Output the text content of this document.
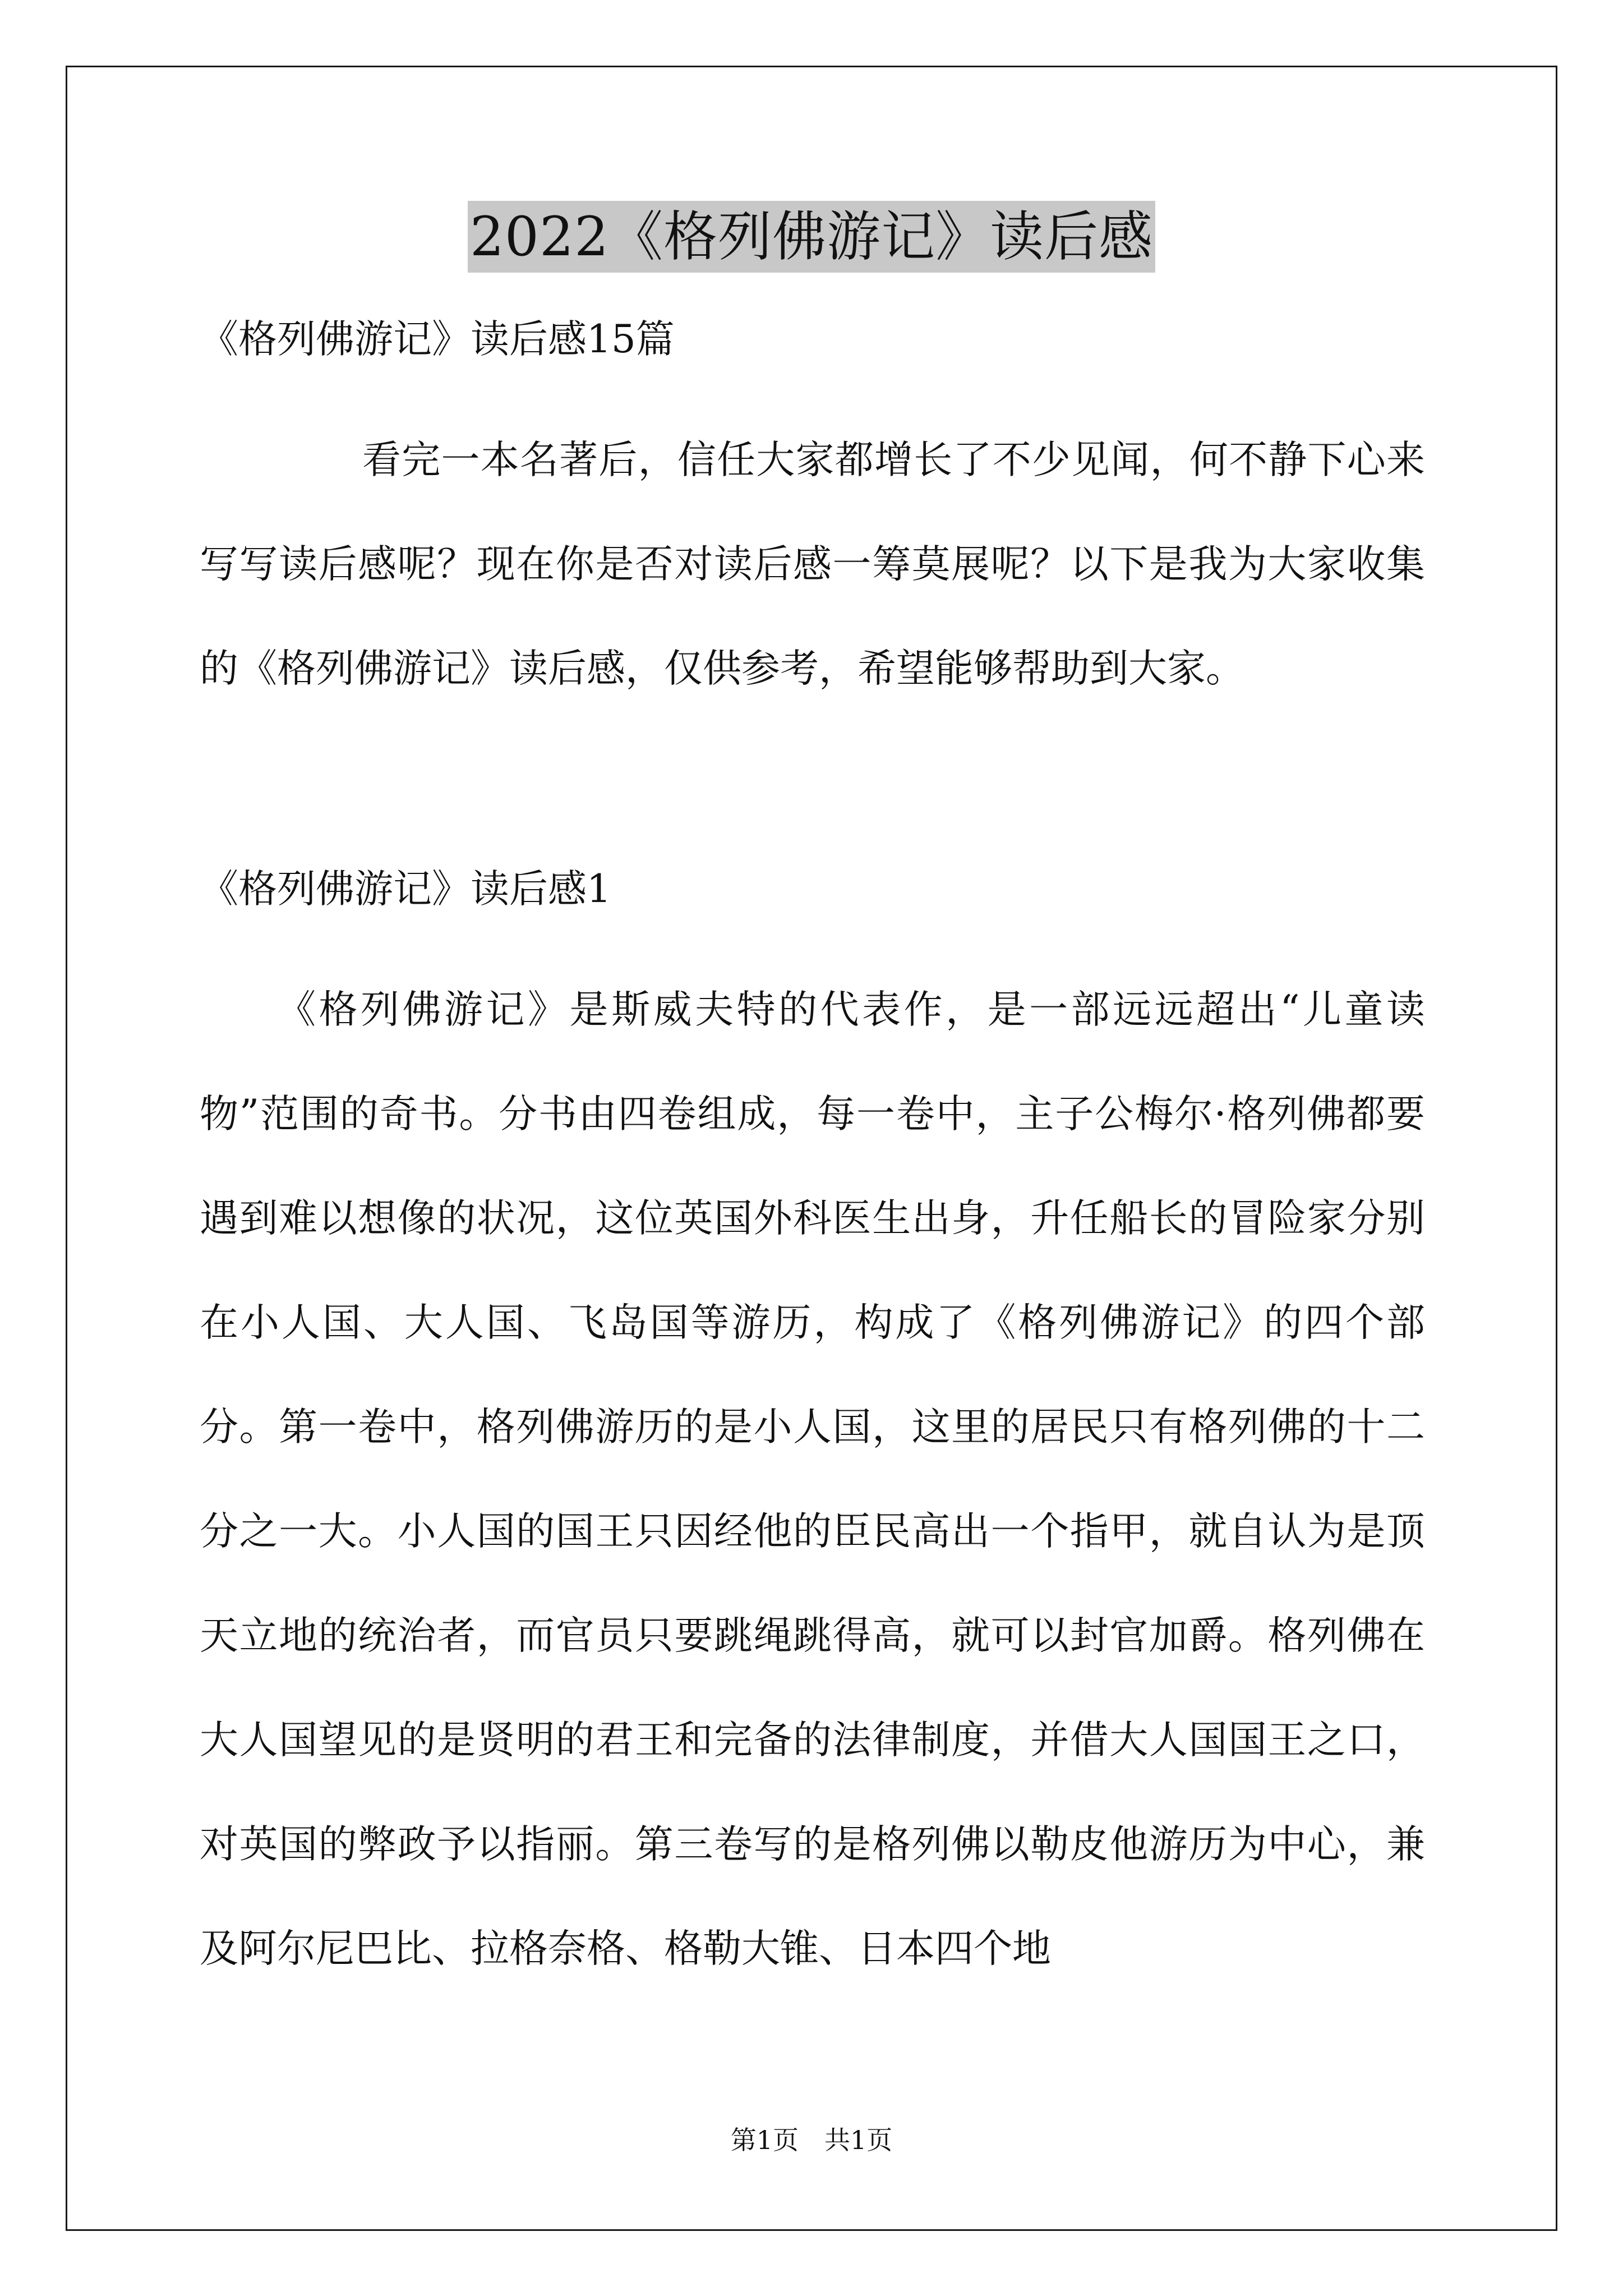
2022《格列佛游记》读后感

《格列佛游记》读后感15篇

看完一本名著后，信任大家都增长了不少见闻，何不静下心来写写读后感呢？现在你是否对读后感一筹莫展呢？以下是我为大家收集的《格列佛游记》读后感，仅供参考，希望能够帮助到大家。

《格列佛游记》读后感1

《格列佛游记》是斯威夫特的代表作，是一部远远超出“儿童读物”范围的奇书。分书由四卷组成，每一卷中，主子公梅尔·格列佛都要遇到难以想像的状况，这位英国外科医生出身，升任船长的冒险家分别在小人国、大人国、飞岛国等游历，构成了《格列佛游记》的四个部分。第一卷中，格列佛游历的是小人国，这里的居民只有格列佛的十二分之一大。小人国的国王只因经他的臣民高出一个指甲，就自认为是顶天立地的统治者，而官员只要跳绳跳得高，就可以封官加爵。格列佛在大人国望见的是贤明的君王和完备的法律制度，并借大人国国王之口，对英国的弊政予以指丽。第三卷写的是格列佛以勒皮他游历为中心，兼及阿尔尼巴比、拉格奈格、格勒大锥、日本四个地

第1页　共1页
